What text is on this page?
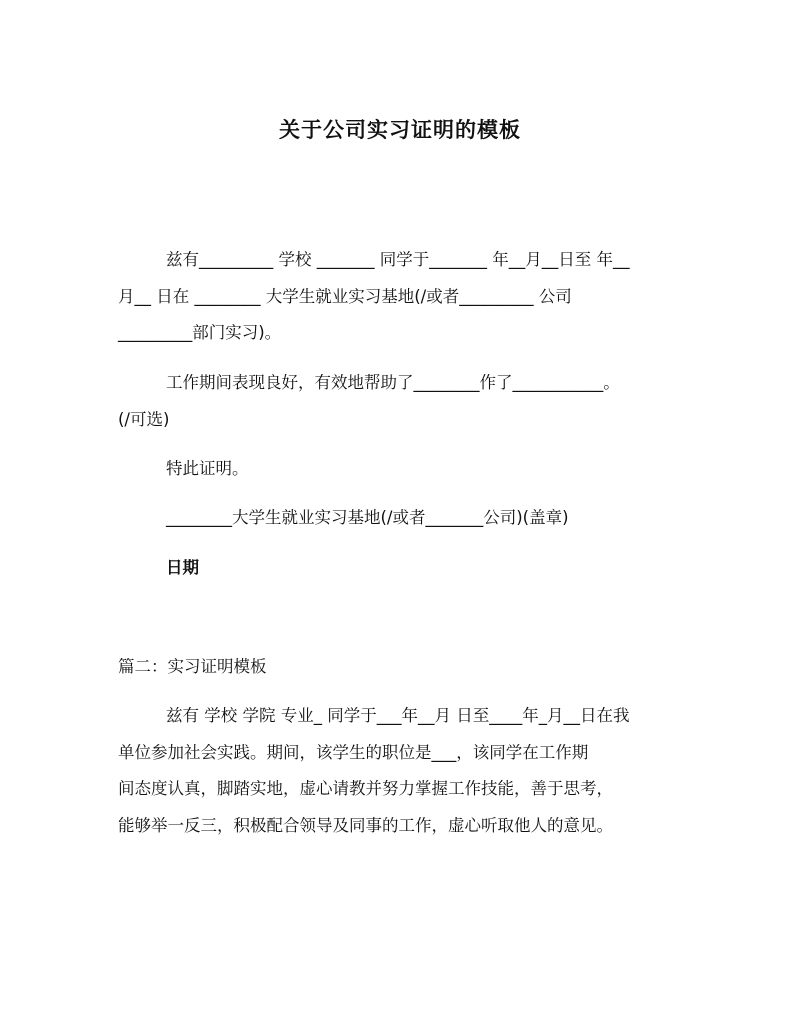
关于公司实习证明的模板
兹有_________ 学校 _______ 同学于_______ 年__月__日至 年__
月__ 日在 ________ 大学生就业实习基地(/或者_________ 公司
_________部门实习)。
工作期间表现良好，有效地帮助了________作了___________。
(/可选)
特此证明。
________大学生就业实习基地(/或者_______公司)(盖章)
日期
篇二：实习证明模板
兹有 学校 学院 专业_ 同学于___年__月 日至____年_月__日在我
单位参加社会实践。期间，该学生的职位是___，该同学在工作期
间态度认真，脚踏实地，虚心请教并努力掌握工作技能，善于思考，
能够举一反三，积极配合领导及同事的工作，虚心听取他人的意见。
